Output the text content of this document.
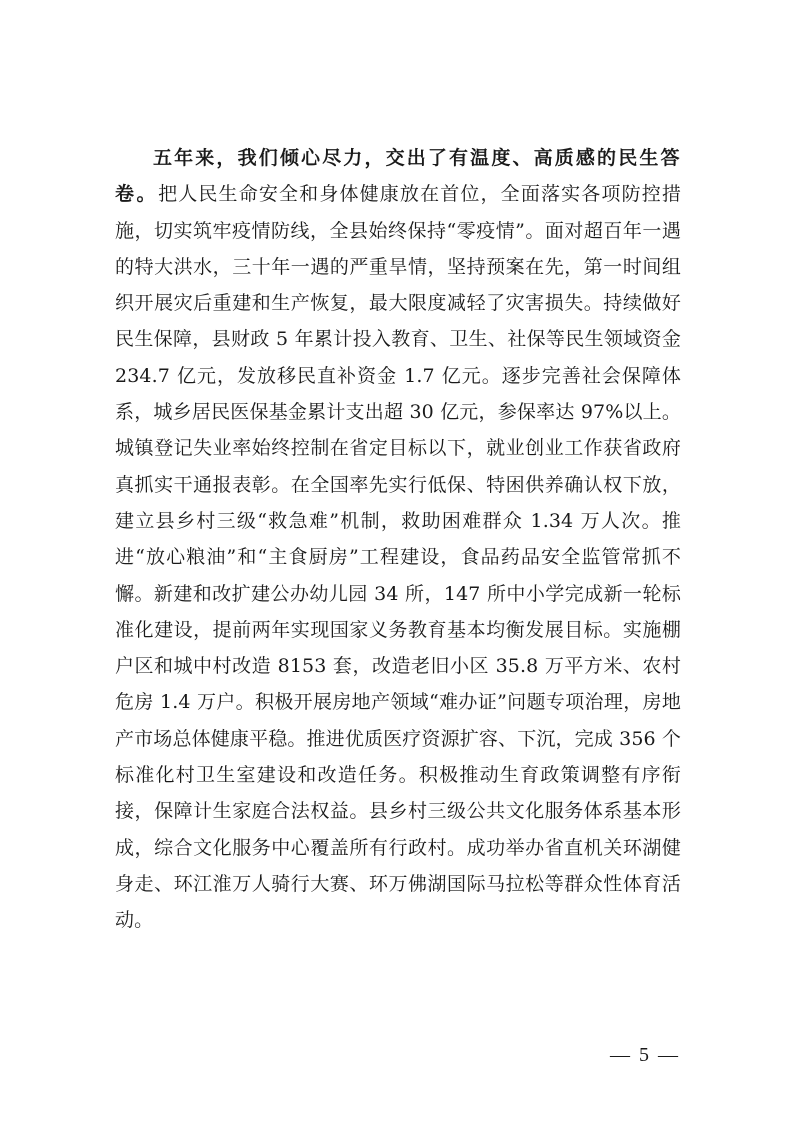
五年来，我们倾心尽力，交出了有温度、高质感的民生答卷。把人民生命安全和身体健康放在首位，全面落实各项防控措施，切实筑牢疫情防线，全县始终保持“零疫情”。面对超百年一遇的特大洪水，三十年一遇的严重旱情，坚持预案在先，第一时间组织开展灾后重建和生产恢复，最大限度减轻了灾害损失。持续做好民生保障，县财政 5 年累计投入教育、卫生、社保等民生领域资金 234.7 亿元，发放移民直补资金 1.7 亿元。逐步完善社会保障体系，城乡居民医保基金累计支出超 30 亿元，参保率达 97%以上。城镇登记失业率始终控制在省定目标以下，就业创业工作获省政府真抓实干通报表彰。在全国率先实行低保、特困供养确认权下放，建立县乡村三级“救急难”机制，救助困难群众 1.34 万人次。推进“放心粮油”和“主食厨房”工程建设，食品药品安全监管常抓不懈。新建和改扩建公办幼儿园 34 所，147 所中小学完成新一轮标准化建设，提前两年实现国家义务教育基本均衡发展目标。实施棚户区和城中村改造 8153 套，改造老旧小区 35.8 万平方米、农村危房 1.4 万户。积极开展房地产领域“难办证”问题专项治理，房地产市场总体健康平稳。推进优质医疗资源扩容、下沉，完成 356 个标准化村卫生室建设和改造任务。积极推动生育政策调整有序衔接，保障计生家庭合法权益。县乡村三级公共文化服务体系基本形成，综合文化服务中心覆盖所有行政村。成功举办省直机关环湖健身走、环江淮万人骑行大赛、环万佛湖国际马拉松等群众性体育活动。

— 5 —
